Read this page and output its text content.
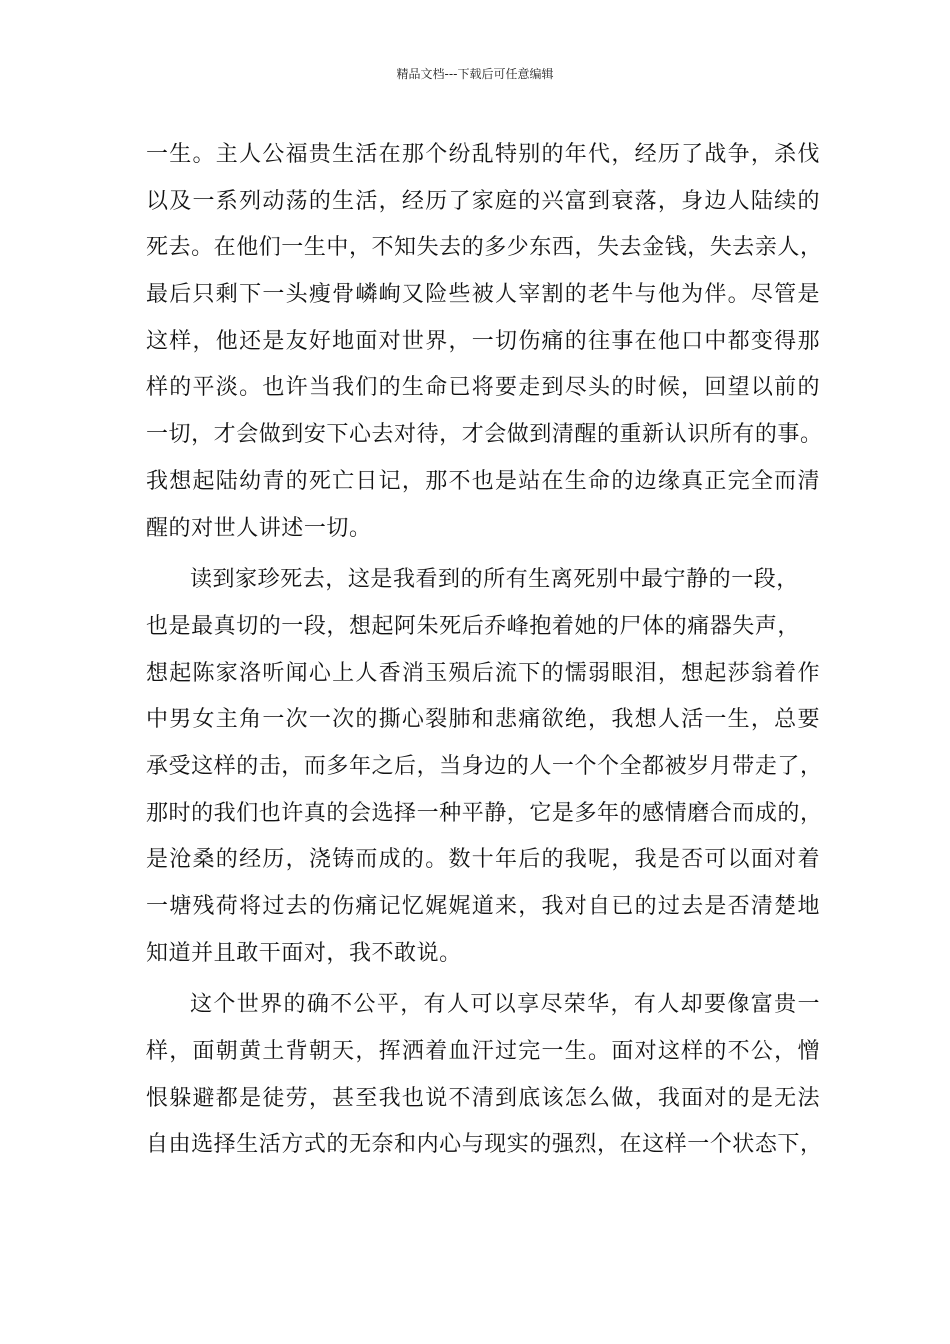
精品文档---下载后可任意编辑
一生。主人公福贵生活在那个纷乱特别的年代，经历了战争，杀伐
以及一系列动荡的生活，经历了家庭的兴富到衰落，身边人陆续的
死去。在他们一生中，不知失去的多少东西，失去金钱，失去亲人，
最后只剩下一头瘦骨嶙峋又险些被人宰割的老牛与他为伴。尽管是
这样，他还是友好地面对世界，一切伤痛的往事在他口中都变得那
样的平淡。也许当我们的生命已将要走到尽头的时候，回望以前的
一切，才会做到安下心去对待，才会做到清醒的重新认识所有的事。
我想起陆幼青的死亡日记，那不也是站在生命的边缘真正完全而清
醒的对世人讲述一切。
读到家珍死去，这是我看到的所有生离死别中最宁静的一段，
也是最真切的一段，想起阿朱死后乔峰抱着她的尸体的痛器失声，
想起陈家洛听闻心上人香消玉殒后流下的懦弱眼泪，想起莎翁着作
中男女主角一次一次的撕心裂肺和悲痛欲绝，我想人活一生，总要
承受这样的击，而多年之后，当身边的人一个个全都被岁月带走了，
那时的我们也许真的会选择一种平静，它是多年的感情磨合而成的，
是沧桑的经历，浇铸而成的。数十年后的我呢，我是否可以面对着
一塘残荷将过去的伤痛记忆娓娓道来，我对自已的过去是否清楚地
知道并且敢干面对，我不敢说。
这个世界的确不公平，有人可以享尽荣华，有人却要像富贵一
样，面朝黄土背朝天，挥洒着血汗过完一生。面对这样的不公，憎
恨躲避都是徒劳，甚至我也说不清到底该怎么做，我面对的是无法
自由选择生活方式的无奈和内心与现实的强烈，在这样一个状态下，
